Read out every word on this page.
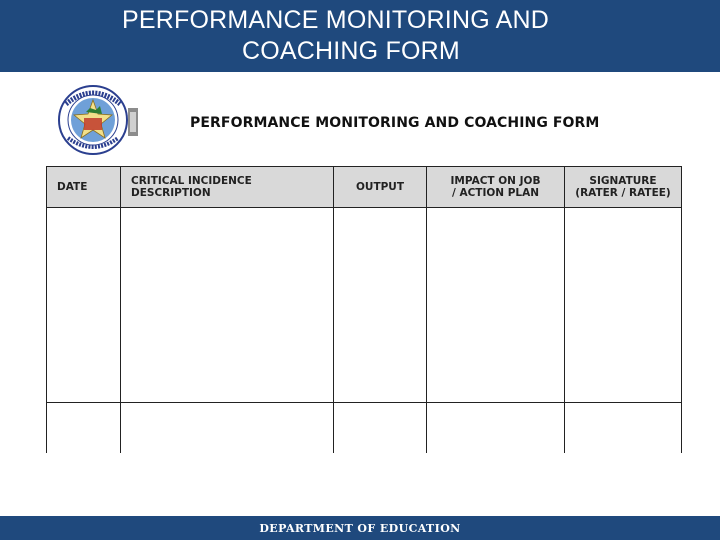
PERFORMANCE MONITORING AND
COACHING FORM
PERFORMANCE MONITORING AND COACHING FORM
DATE	CRITICAL INCIDENCE DESCRIPTION	OUTPUT	IMPACT ON JOB / ACTION PLAN	SIGNATURE (RATER / RATEE)

DEPARTMENT OF EDUCATION
